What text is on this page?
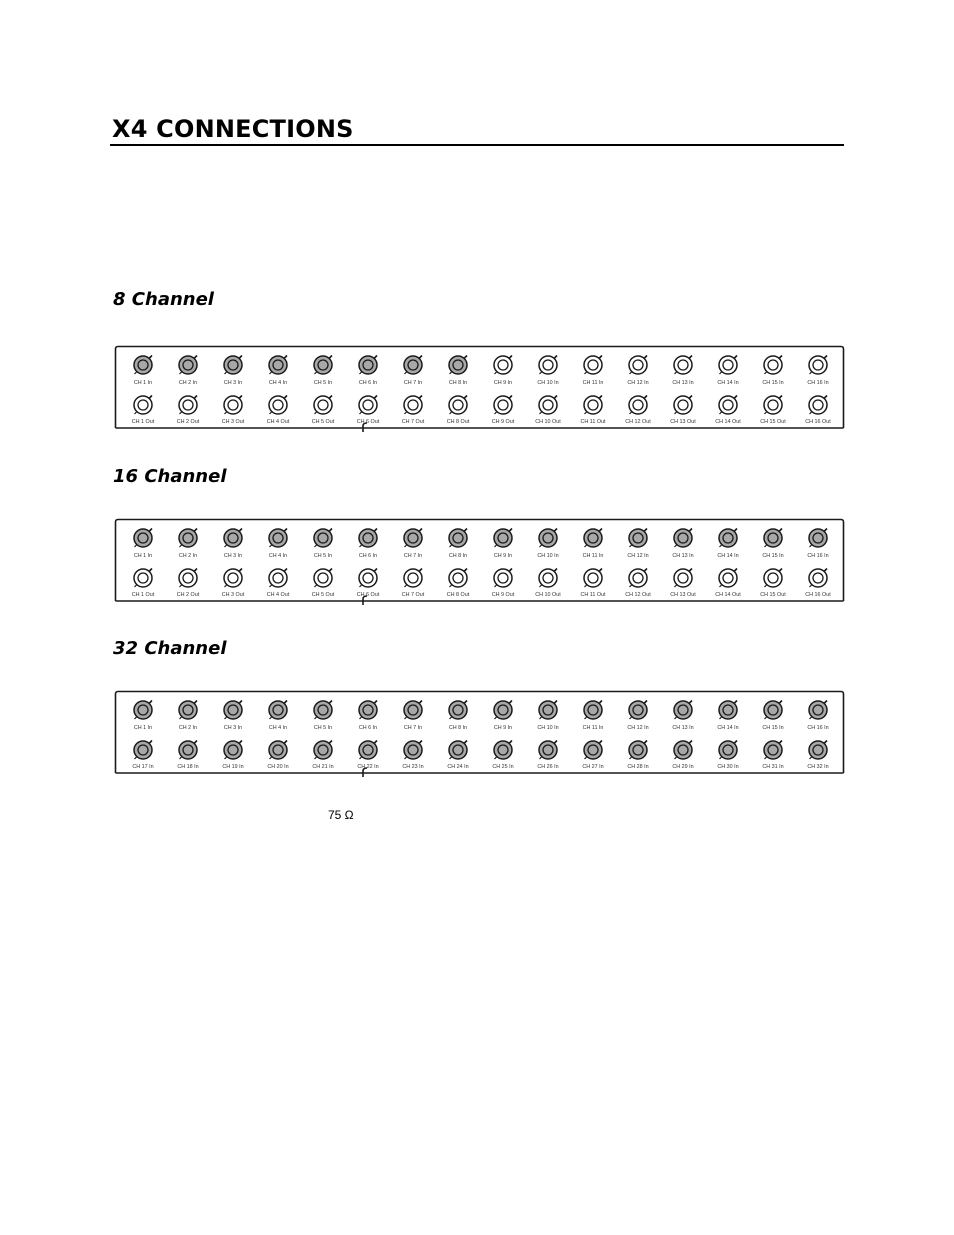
X4 CONNECTIONS
8 Channel
CH 1 In	CH 2 In	CH 3 In	CH 4 In	CH 5 In	CH 6 In	CH 7 In	CH 8 In	CH 9 In	CH 10 In	CH 11 In	CH 12 In	CH 13 In	CH 14 In	CH 15 In	CH 16 In
CH 1 Out	CH 2 Out	CH 3 Out	CH 4 Out	CH 5 Out	CH 6 Out	CH 7 Out	CH 8 Out	CH 9 Out	CH 10 Out	CH 11 Out	CH 12 Out	CH 13 Out	CH 14 Out	CH 15 Out	CH 16 Out
16 Channel
CH 1 In	CH 2 In	CH 3 In	CH 4 In	CH 5 In	CH 6 In	CH 7 In	CH 8 In	CH 9 In	CH 10 In	CH 11 In	CH 12 In	CH 13 In	CH 14 In	CH 15 In	CH 16 In
CH 1 Out	CH 2 Out	CH 3 Out	CH 4 Out	CH 5 Out	CH 6 Out	CH 7 Out	CH 8 Out	CH 9 Out	CH 10 Out	CH 11 Out	CH 12 Out	CH 13 Out	CH 14 Out	CH 15 Out	CH 16 Out
32 Channel
CH 1 In	CH 2 In	CH 3 In	CH 4 In	CH 5 In	CH 6 In	CH 7 In	CH 8 In	CH 9 In	CH 10 In	CH 11 In	CH 12 In	CH 13 In	CH 14 In	CH 15 In	CH 16 In
CH 17 In	CH 18 In	CH 19 In	CH 20 In	CH 21 In	CH 22 In	CH 23 In	CH 24 In	CH 25 In	CH 26 In	CH 27 In	CH 28 In	CH 29 In	CH 30 In	CH 31 In	CH 32 In
75 Ω
